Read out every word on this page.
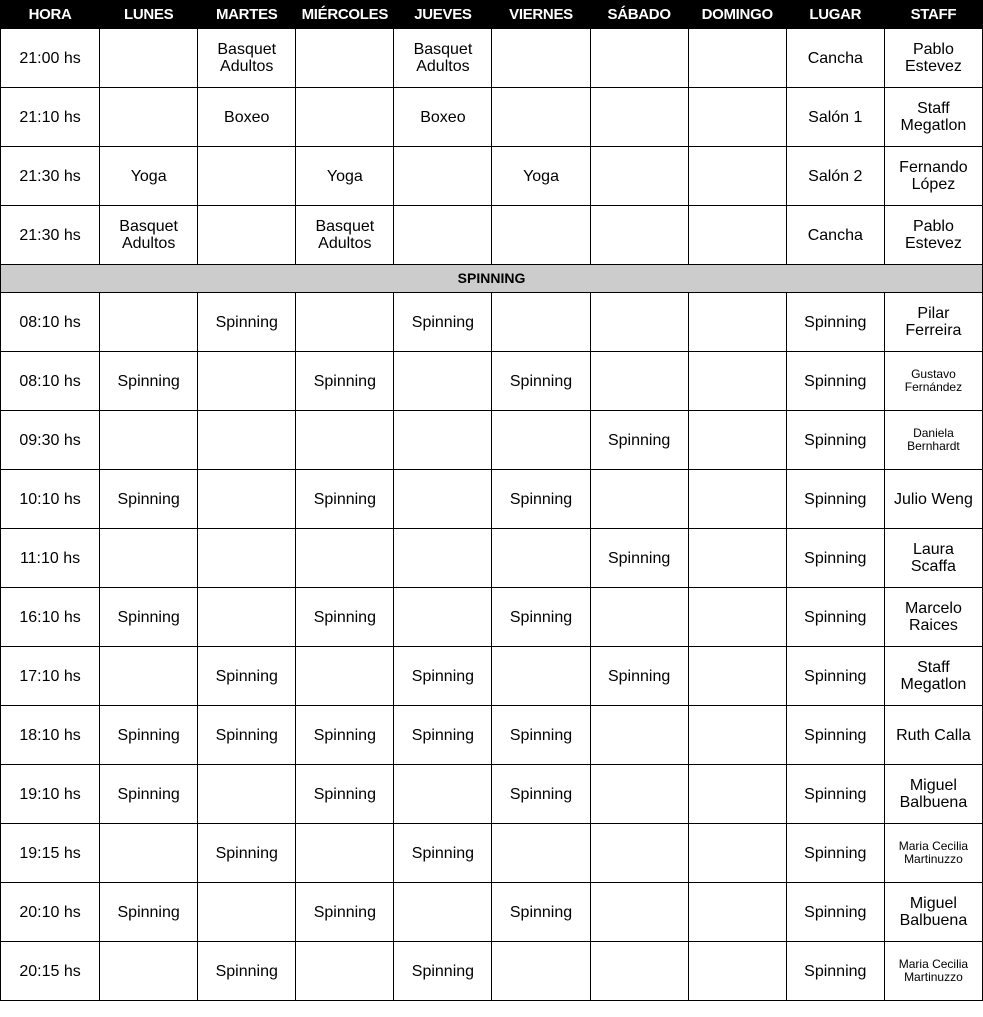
HORA	LUNES	MARTES	MIÉRCOLES	JUEVES	VIERNES	SÁBADO	DOMINGO	LUGAR	STAFF
21:00 hs		Basquet
Adultos		Basquet
Adultos				Cancha	Pablo
Estevez
21:10 hs		Boxeo		Boxeo				Salón 1	Staff
Megatlon
21:30 hs	Yoga		Yoga		Yoga			Salón 2	Fernando
López
21:30 hs	Basquet
Adultos		Basquet
Adultos					Cancha	Pablo
Estevez
SPINNING									
08:10 hs		Spinning		Spinning				Spinning	Pilar
Ferreira
08:10 hs	Spinning		Spinning		Spinning			Spinning	Gustavo
Fernández
09:30 hs						Spinning		Spinning	Daniela
Bernhardt
10:10 hs	Spinning		Spinning		Spinning			Spinning	Julio Weng
11:10 hs						Spinning		Spinning	Laura
Scaffa
16:10 hs	Spinning		Spinning		Spinning			Spinning	Marcelo
Raices
17:10 hs		Spinning		Spinning		Spinning		Spinning	Staff
Megatlon
18:10 hs	Spinning	Spinning	Spinning	Spinning	Spinning			Spinning	Ruth Calla
19:10 hs	Spinning		Spinning		Spinning			Spinning	Miguel
Balbuena
19:15 hs		Spinning		Spinning				Spinning	Maria Cecilia
Martinuzzo
20:10 hs	Spinning		Spinning		Spinning			Spinning	Miguel
Balbuena
20:15 hs		Spinning		Spinning				Spinning	Maria Cecilia
Martinuzzo
